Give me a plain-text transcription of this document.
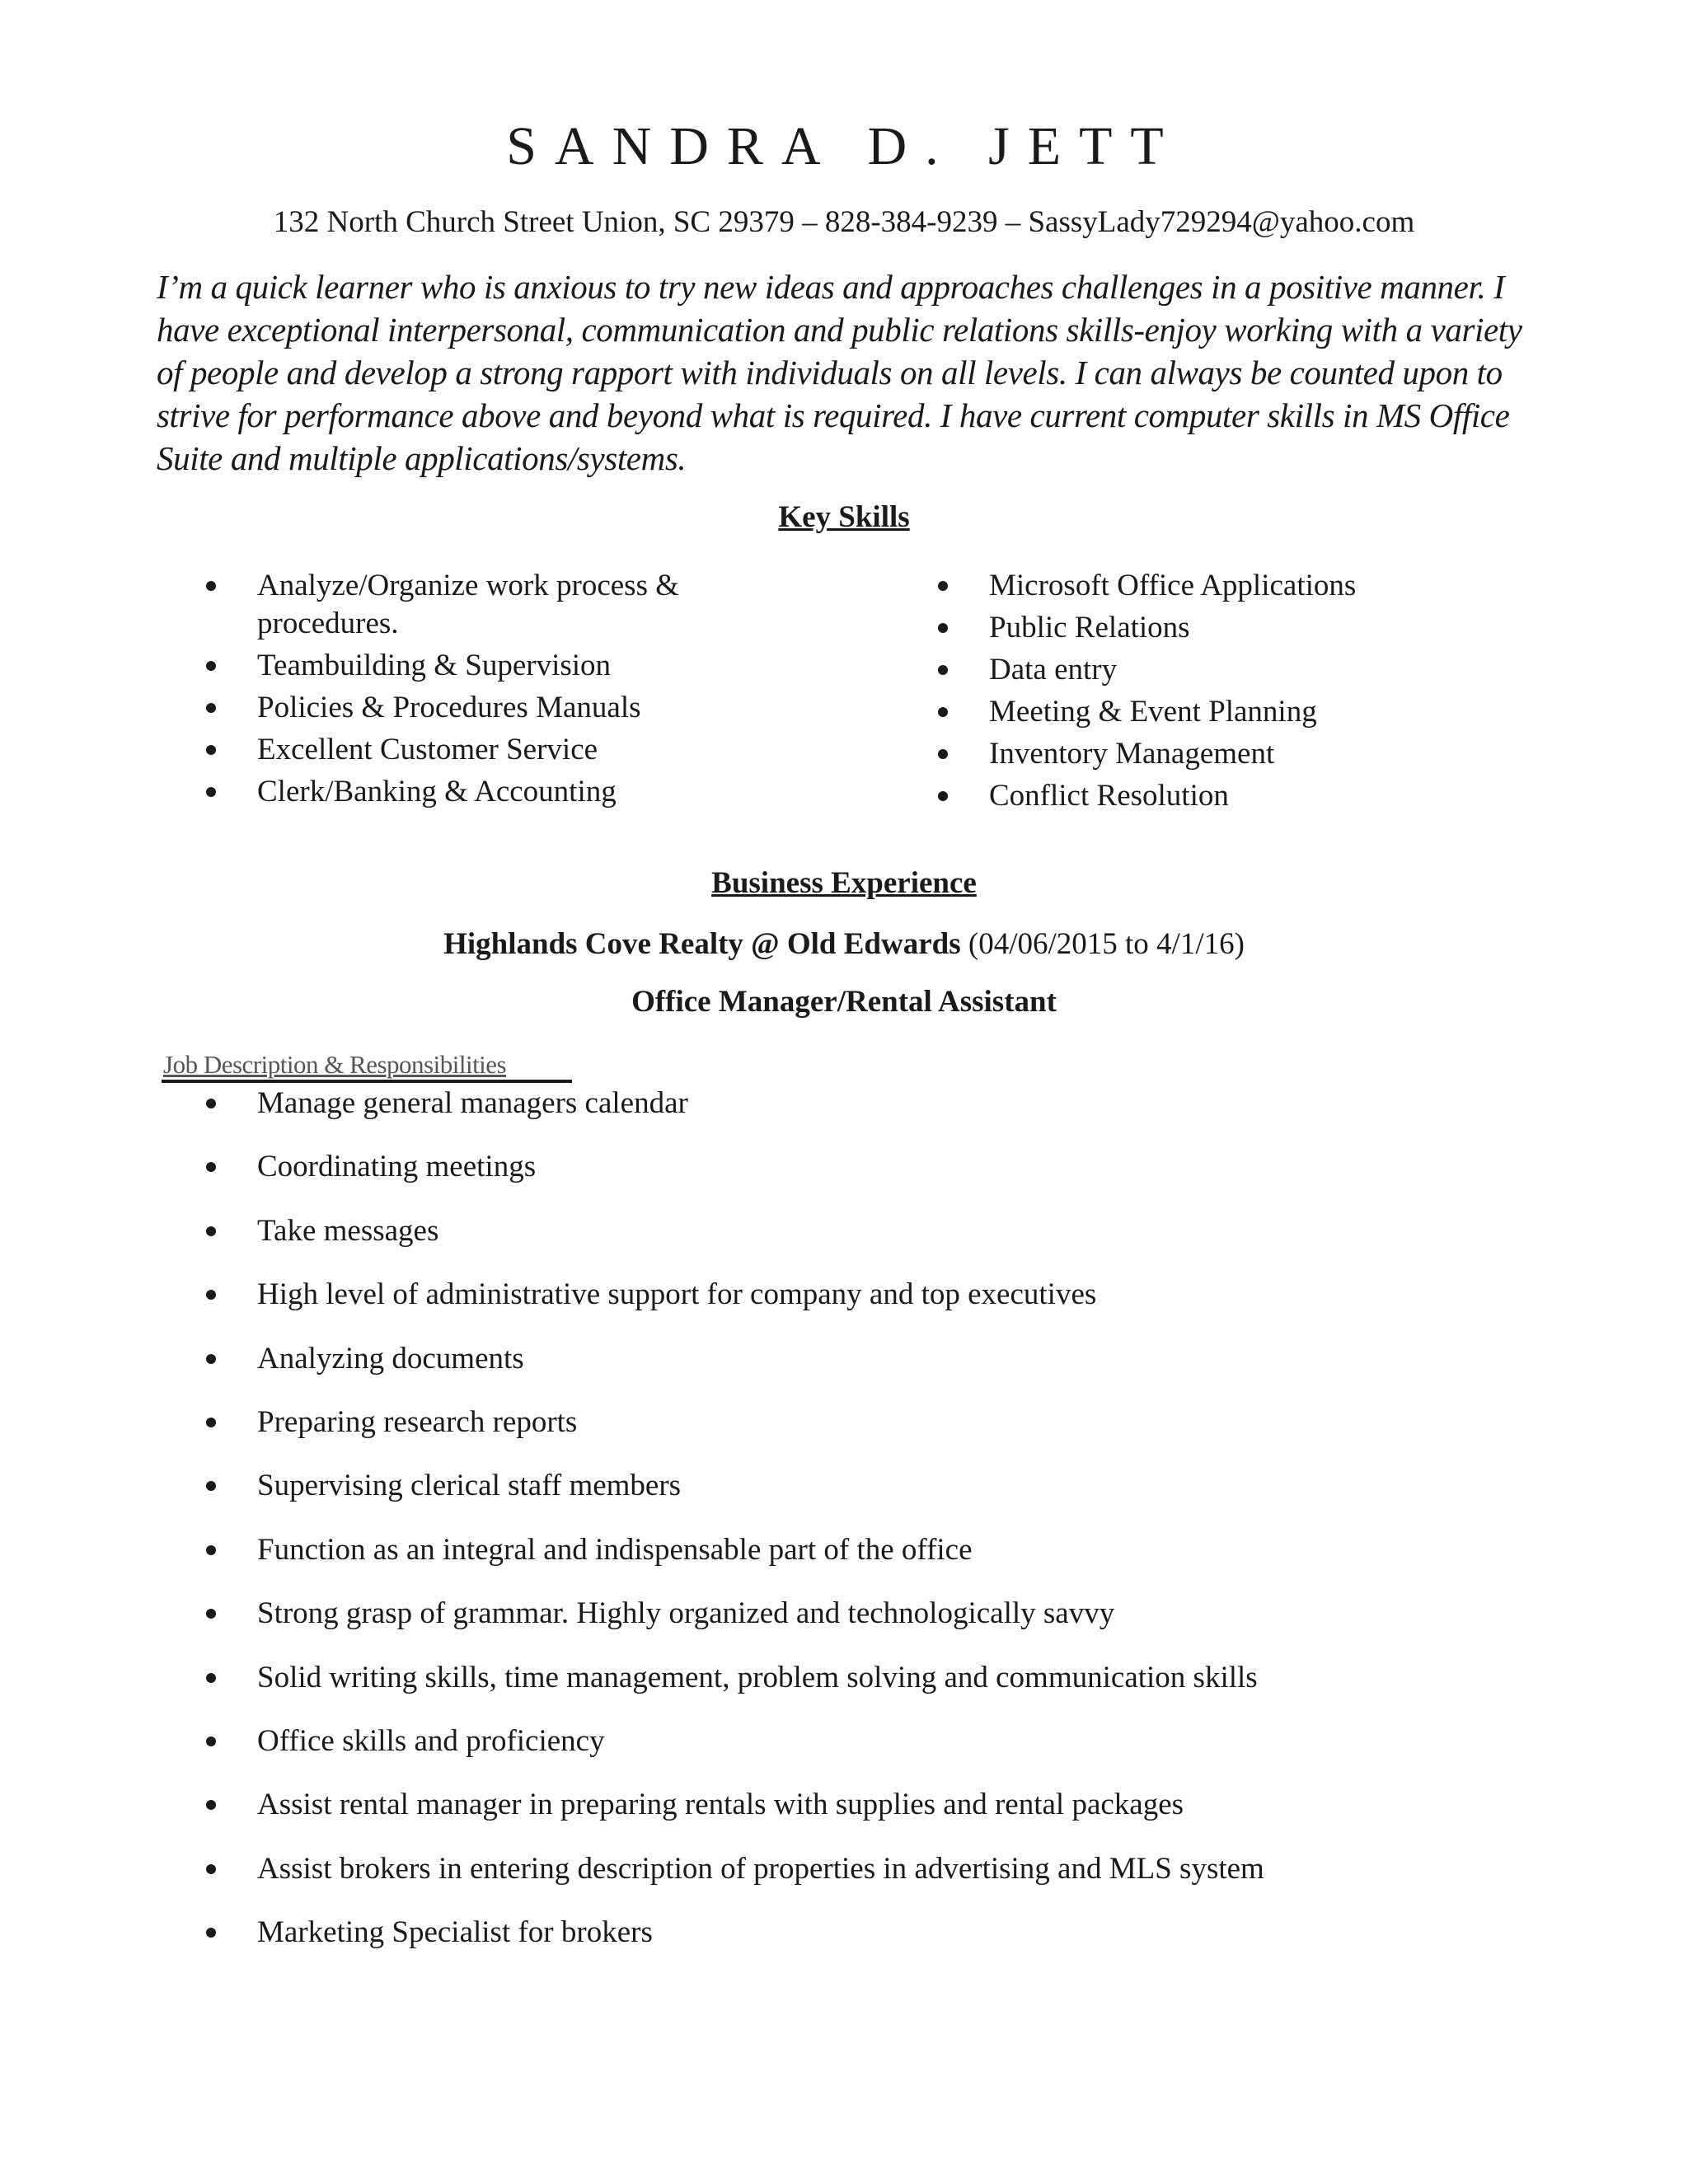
SANDRA D. JETT
132 North Church Street Union, SC 29379 – 828-384-9239 – SassyLady729294@yahoo.com

I’m a quick learner who is anxious to try new ideas and approaches challenges in a positive manner. I have exceptional interpersonal, communication and public relations skills-enjoy working with a variety of people and develop a strong rapport with individuals on all levels. I can always be counted upon to strive for performance above and beyond what is required. I have current computer skills in MS Office Suite and multiple applications/systems.

Key Skills
Analyze/Organize work process & procedures.
Teambuilding & Supervision
Policies & Procedures Manuals
Excellent Customer Service
Clerk/Banking & Accounting
Microsoft Office Applications
Public Relations
Data entry
Meeting & Event Planning
Inventory Management
Conflict Resolution
Business Experience
Highlands Cove Realty @ Old Edwards (04/06/2015 to 4/1/16)
Office Manager/Rental Assistant
Job Description & Responsibilities
Manage general managers calendar
Coordinating meetings
Take messages
High level of administrative support for company and top executives
Analyzing documents
Preparing research reports
Supervising clerical staff members
Function as an integral and indispensable part of the office
Strong grasp of grammar. Highly organized and technologically savvy
Solid writing skills, time management, problem solving and communication skills
Office skills and proficiency
Assist rental manager in preparing rentals with supplies and rental packages
Assist brokers in entering description of properties in advertising and MLS system
Marketing Specialist for brokers
